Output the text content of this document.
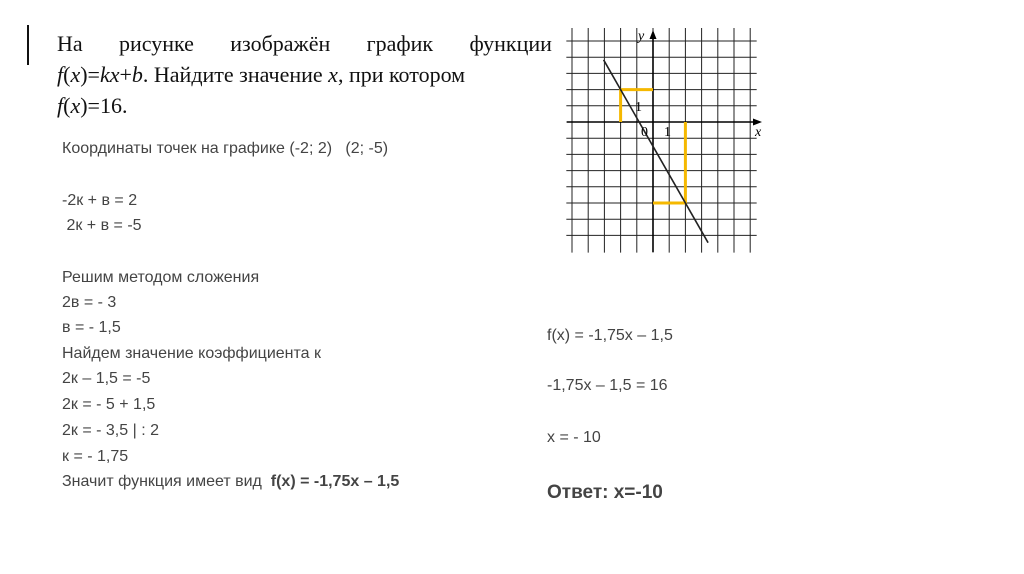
На рисунке изображён график функции
f(x)=kx+b. Найдите значение x, при котором
f(x)=16.
Координаты точек на графике (-2; 2)   (2; -5)
-2к + в = 2
2к + в = -5
Решим методом сложения
2в = - 3
в = - 1,5
Найдем значение коэффициента к
2к – 1,5 = -5
2к = - 5 + 1,5
2к = - 3,5 | : 2
к = - 1,75
Значит функция имеет вид  f(x) = -1,75x – 1,5
f(x) = -1,75x – 1,5
-1,75x – 1,5 = 16
x = - 10
Ответ: x=-10
y
x
0 1
1
